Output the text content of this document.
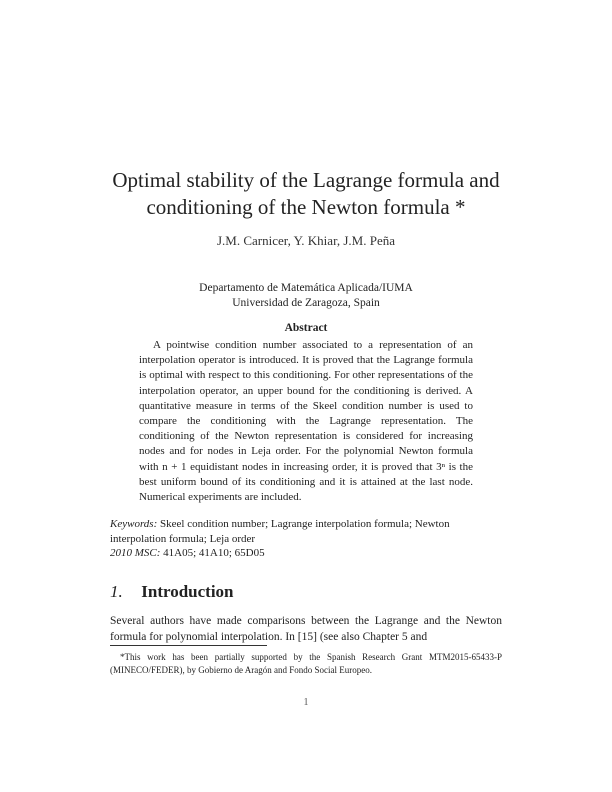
Optimal stability of the Lagrange formula and
conditioning of the Newton formula *
J.M. Carnicer, Y. Khiar, J.M. Peña
Departamento de Matemática Aplicada/IUMA
Universidad de Zaragoza, Spain
Abstract
A pointwise condition number associated to a representation of an interpolation operator is introduced. It is proved that the Lagrange formula is optimal with respect to this conditioning. For other representations of the interpolation operator, an upper bound for the conditioning is derived. A quantitative measure in terms of the Skeel condition number is used to compare the conditioning with the Lagrange representation. The conditioning of the Newton representation is considered for increasing nodes and for nodes in Leja order. For the polynomial Newton formula with n + 1 equidistant nodes in increasing order, it is proved that 3ⁿ is the best uniform bound of its conditioning and it is attained at the last node. Numerical experiments are included.
Keywords: Skeel condition number; Lagrange interpolation formula; Newton interpolation formula; Leja order
2010 MSC: 41A05; 41A10; 65D05
1. Introduction
Several authors have made comparisons between the Lagrange and the Newton formula for polynomial interpolation. In [15] (see also Chapter 5 and
*This work has been partially supported by the Spanish Research Grant MTM2015-65433-P (MINECO/FEDER), by Gobierno de Aragón and Fondo Social Europeo.
1
